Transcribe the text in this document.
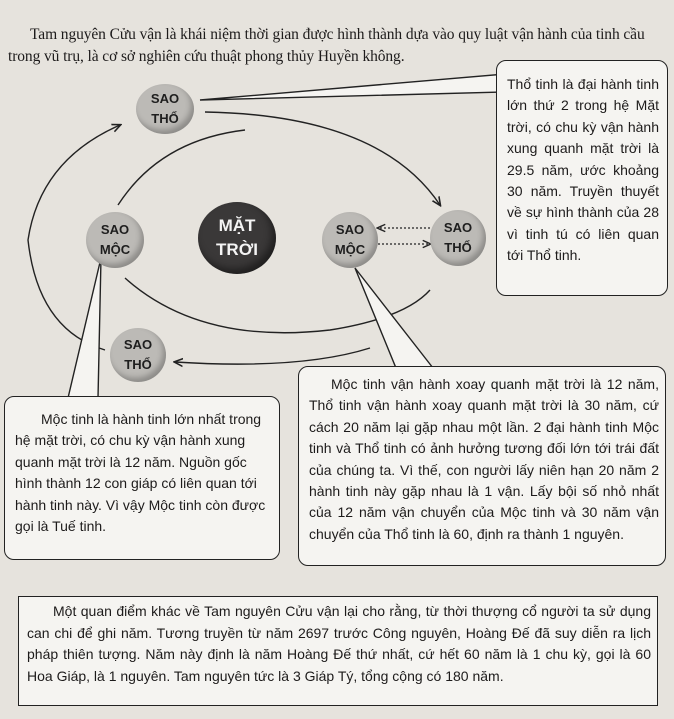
Tam nguyên Cửu vận là khái niệm thời gian được hình thành dựa vào quy luật vận hành của tinh cầu trong vũ trụ, là cơ sở nghiên cứu thuật phong thủy Huyền không.

SAO
THỔ
SAO
MỘC
MẶT
TRỜI
SAO
MỘC
SAO
THỔ
SAO
THỔ

Thổ tinh là đại hành tinh lớn thứ 2 trong hệ Mặt trời, có chu kỳ vận hành xung quanh mặt trời là 29.5 năm, ước khoảng 30 năm. Truyền thuyết về sự hình thành của 28 vì tinh tú có liên quan tới Thổ tinh.

Mộc tinh là hành tinh lớn nhất trong hệ mặt trời, có chu kỳ vận hành xung quanh mặt trời là 12 năm. Nguồn gốc hình thành 12 con giáp có liên quan tới hành tinh này. Vì vậy Mộc tinh còn được gọi là Tuế tinh.

Mộc tinh vận hành xoay quanh mặt trời là 12 năm, Thổ tinh vận hành xoay quanh mặt trời là 30 năm, cứ cách 20 năm lại gặp nhau một lần. 2 đại hành tinh Mộc tinh và Thổ tinh có ảnh hưởng tương đối lớn tới trái đất của chúng ta. Vì thế, con người lấy niên hạn 20 năm 2 hành tinh này gặp nhau là 1 vận. Lấy bội số nhỏ nhất của 12 năm vận chuyển của Mộc tinh và 30 năm vận chuyển của Thổ tinh là 60, định ra thành 1 nguyên.

Một quan điểm khác về Tam nguyên Cửu vận lại cho rằng, từ thời thượng cổ người ta sử dụng can chi để ghi năm. Tương truyền từ năm 2697 trước Công nguyên, Hoàng Đế đã suy diễn ra lịch pháp thiên tượng. Năm này định là năm Hoàng Đế thứ nhất, cứ hết 60 năm là 1 chu kỳ, gọi là 60 Hoa Giáp, là 1 nguyên. Tam nguyên tức là 3 Giáp Tý, tổng cộng có 180 năm.
